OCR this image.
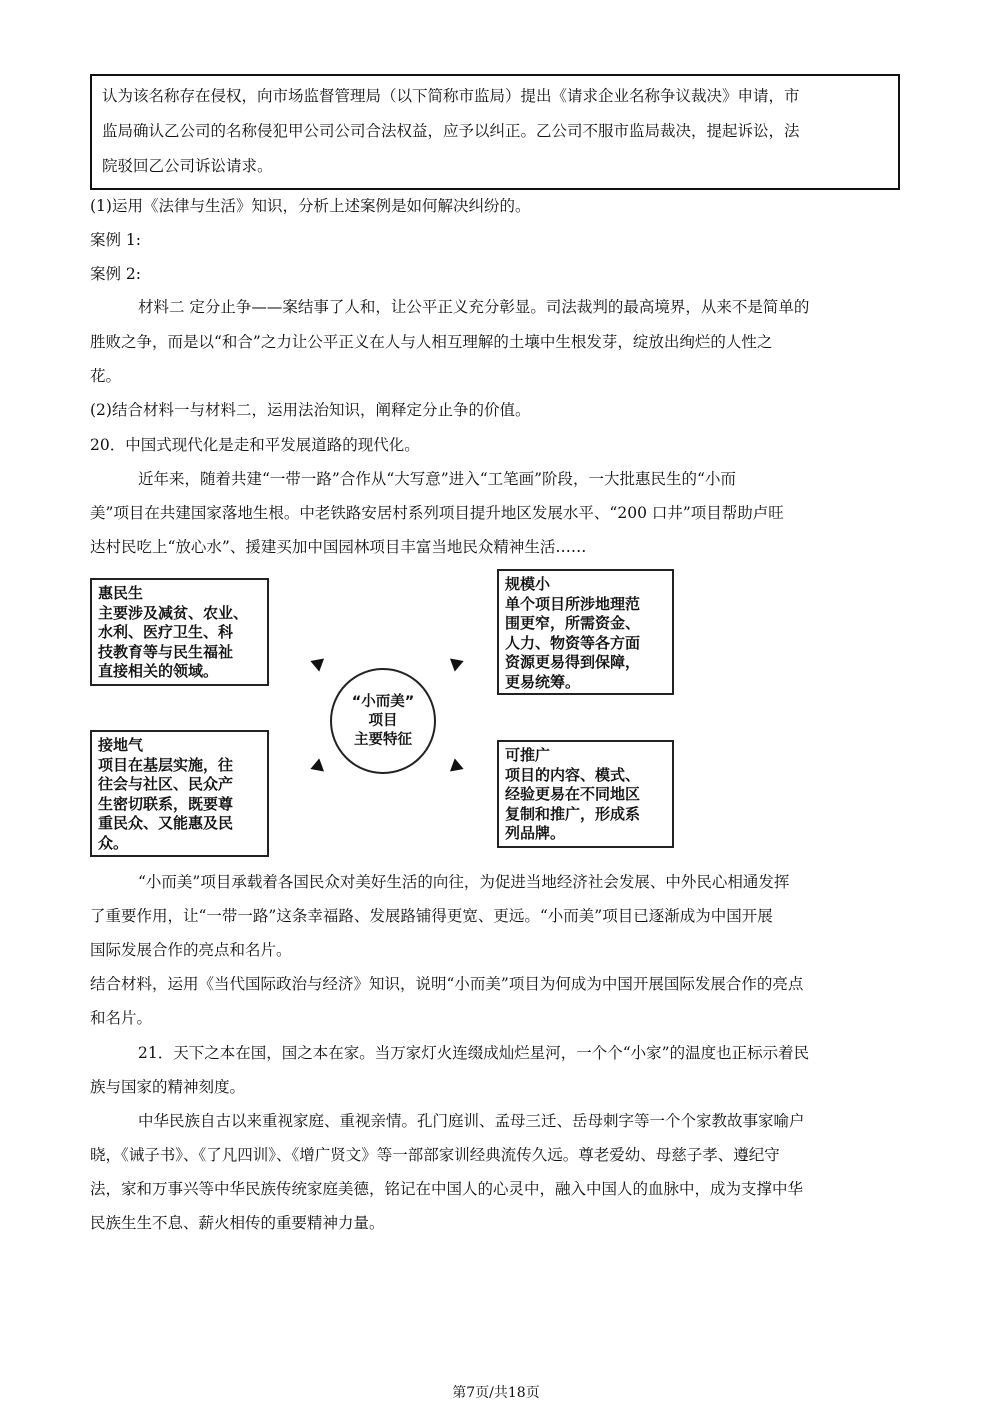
认为该名称存在侵权，向市场监督管理局（以下简称市监局）提出《请求企业名称争议裁决》申请，市
监局确认乙公司的名称侵犯甲公司公司合法权益，应予以纠正。乙公司不服市监局裁决，提起诉讼，法
院驳回乙公司诉讼请求。
(1)运用《法律与生活》知识，分析上述案例是如何解决纠纷的。
案例 1:
案例 2:
材料二 定分止争——案结事了人和，让公平正义充分彰显。司法裁判的最高境界，从来不是简单的
胜败之争，而是以“和合”之力让公平正义在人与人相互理解的土壤中生根发芽，绽放出绚烂的人性之
花。
(2)结合材料一与材料二，运用法治知识，阐释定分止争的价值。
20．中国式现代化是走和平发展道路的现代化。
近年来，随着共建“一带一路”合作从“大写意”进入“工笔画”阶段，一大批惠民生的“小而
美”项目在共建国家落地生根。中老铁路安居村系列项目提升地区发展水平、“200 口井”项目帮助卢旺
达村民吃上“放心水”、援建买加中国园林项目丰富当地民众精神生活……
惠民生
主要涉及减贫、农业、
水利、医疗卫生、科
技教育等与民生福祉
直接相关的领域。
规模小
单个项目所涉地理范
围更窄，所需资金、
人力、物资等各方面
资源更易得到保障，
更易统筹。
“小而美”
项目
主要特征
接地气
项目在基层实施，往
往会与社区、民众产
生密切联系，既要尊
重民众、又能惠及民
众。
可推广
项目的内容、模式、
经验更易在不同地区
复制和推广，形成系
列品牌。
“小而美”项目承载着各国民众对美好生活的向往，为促进当地经济社会发展、中外民心相通发挥
了重要作用，让“一带一路”这条幸福路、发展路铺得更宽、更远。“小而美”项目已逐渐成为中国开展
国际发展合作的亮点和名片。
结合材料，运用《当代国际政治与经济》知识，说明“小而美”项目为何成为中国开展国际发展合作的亮点
和名片。
21．天下之本在国，国之本在家。当万家灯火连缀成灿烂星河，一个个“小家”的温度也正标示着民
族与国家的精神刻度。
中华民族自古以来重视家庭、重视亲情。孔门庭训、孟母三迁、岳母刺字等一个个家教故事家喻户
晓，《诫子书》、《了凡四训》、《增广贤文》等一部部家训经典流传久远。尊老爱幼、母慈子孝、遵纪守
法，家和万事兴等中华民族传统家庭美德，铭记在中国人的心灵中，融入中国人的血脉中，成为支撑中华
民族生生不息、薪火相传的重要精神力量。
第7页/共18页
